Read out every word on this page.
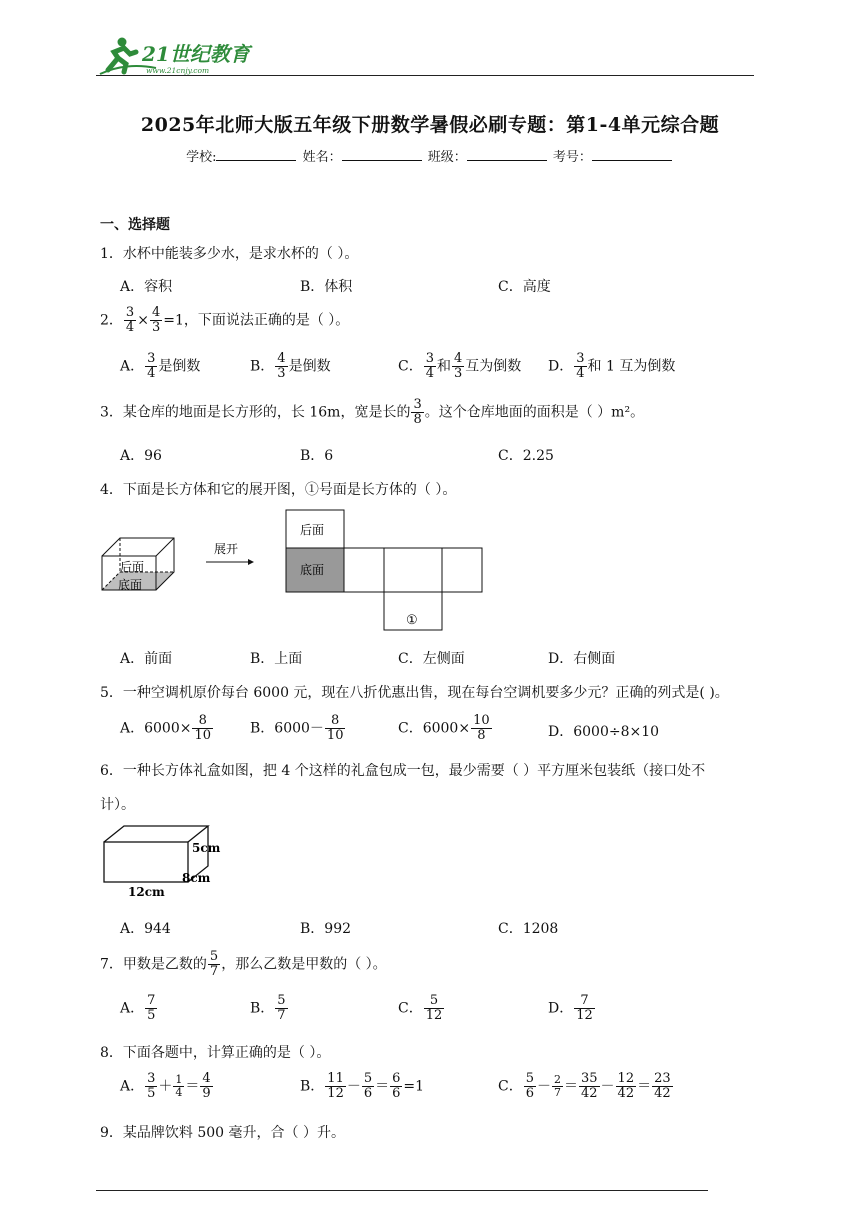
21世纪教育
www.21cnjy.com
2025年北师大版五年级下册数学暑假必刷专题：第1-4单元综合题
学校:	姓名：	班级：	考号：
一、选择题
1．水杯中能装多少水，是求水杯的（ ）。
A．容积	B．体积	C．高度
2． $\frac{3}{4} \times \frac{4}{3} =1$，下面说法正确的是（ ）。
A． $\frac{3}{4}$ 是倒数	B． $\frac{4}{3}$ 是倒数	C． $\frac{3}{4}$ 和 $\frac{4}{3}$ 互为倒数 D． $\frac{3}{4}$ 和 1 互为倒数
3．某仓库的地面是长方形的，长 16m，宽是长的 $\frac{3}{8}$ 。这个仓库地面的面积是（ ）m²。
A．96	B．6	C．2.25
4．下面是长方体和它的展开图，①号面是长方体的（ ）。
后面
底面
展开
后面
底面
①
A．前面	B．上面	C．左侧面	D．右侧面
5．一种空调机原价每台 6000 元，现在八折优惠出售，现在每台空调机要多少元？正确的列式是( )。
A．$6000\times \frac{8}{10}$	B．$6000- \frac{8}{10}$	C．$6000\times \frac{10}{8}$	D．6000÷8×10
6．一种长方体礼盒如图，把 4 个这样的礼盒包成一包，最少需要（ ）平方厘米包装纸（接口处不
计）。
5cm
8cm
12cm
A．944	B．992	C．1208
7．甲数是乙数的 $\frac{5}{7}$ ，那么乙数是甲数的（ ）。
A． $\frac{7}{5}$	B． $\frac{5}{7}$	C． $\frac{5}{12}$	D． $\frac{7}{12}$
8．下面各题中，计算正确的是（ ）。
A． $\frac{3}{5} + \frac{1}{4} = \frac{4}{9}$	B． $\frac{11}{12} - \frac{5}{6} = \frac{6}{6} =1$	C． $\frac{5}{6} - \frac{2}{7} = \frac{35}{42} - \frac{12}{42} = \frac{23}{42}$
9．某品牌饮料 500 毫升，合（ ）升。
